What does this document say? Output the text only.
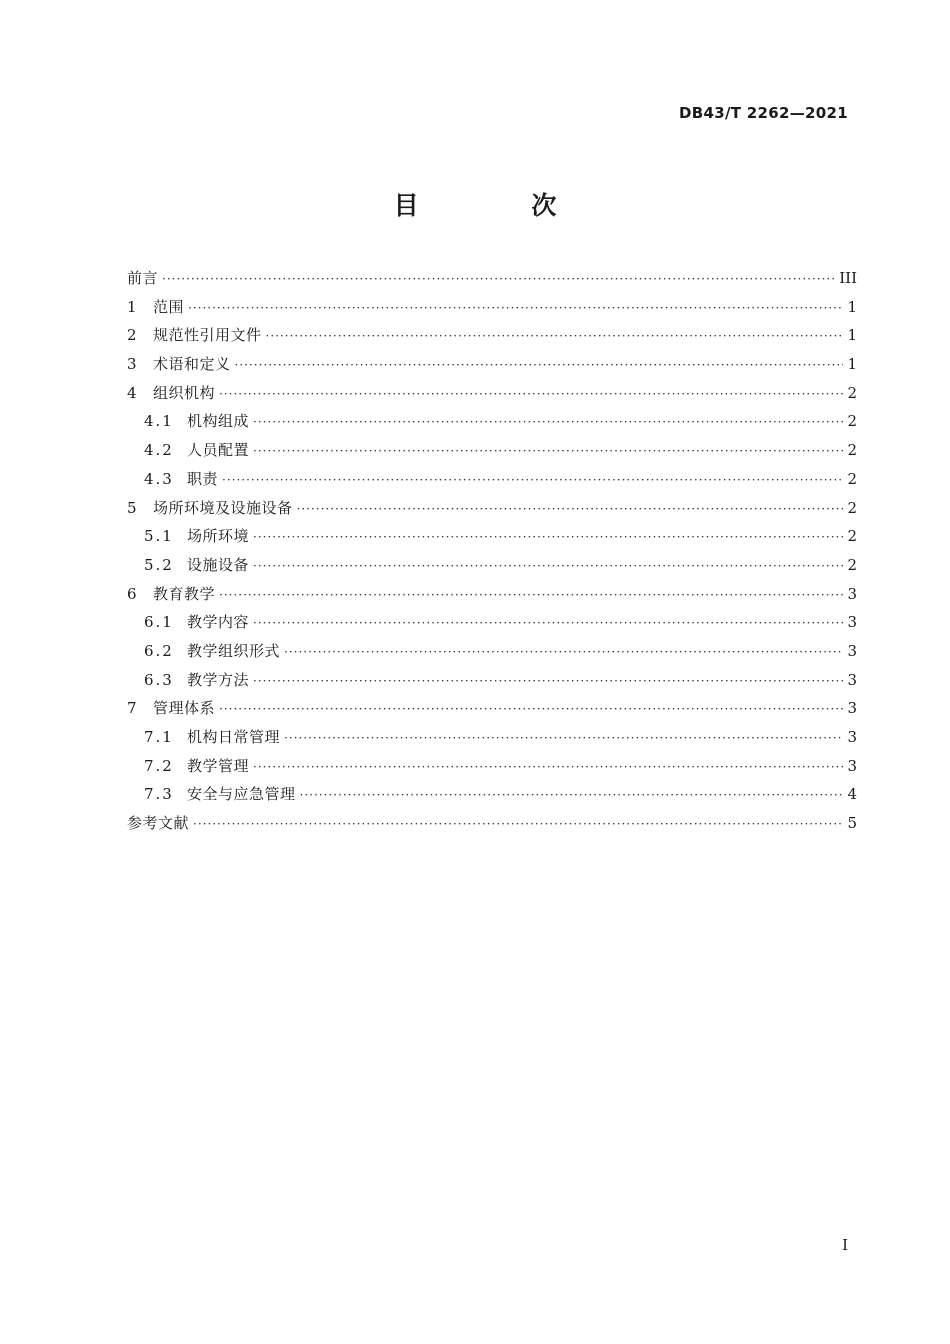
DB43/T 2262—2021
目 次
前言 ·····	III
1 范围 ·····	1
2 规范性引用文件 ·····	1
3 术语和定义 ·····	1
4 组织机构 ·····	2
4.1 机构组成 ·····	2
4.2 人员配置 ·····	2
4.3 职责 ·····	2
5 场所环境及设施设备 ·····	2
5.1 场所环境 ·····	2
5.2 设施设备 ·····	2
6 教育教学 ·····	3
6.1 教学内容 ·····	3
6.2 教学组织形式 ·····	3
6.3 教学方法 ·····	3
7 管理体系 ·····	3
7.1 机构日常管理 ·····	3
7.2 教学管理 ·····	3
7.3 安全与应急管理 ·····	4
参考文献 ·····	5
I
